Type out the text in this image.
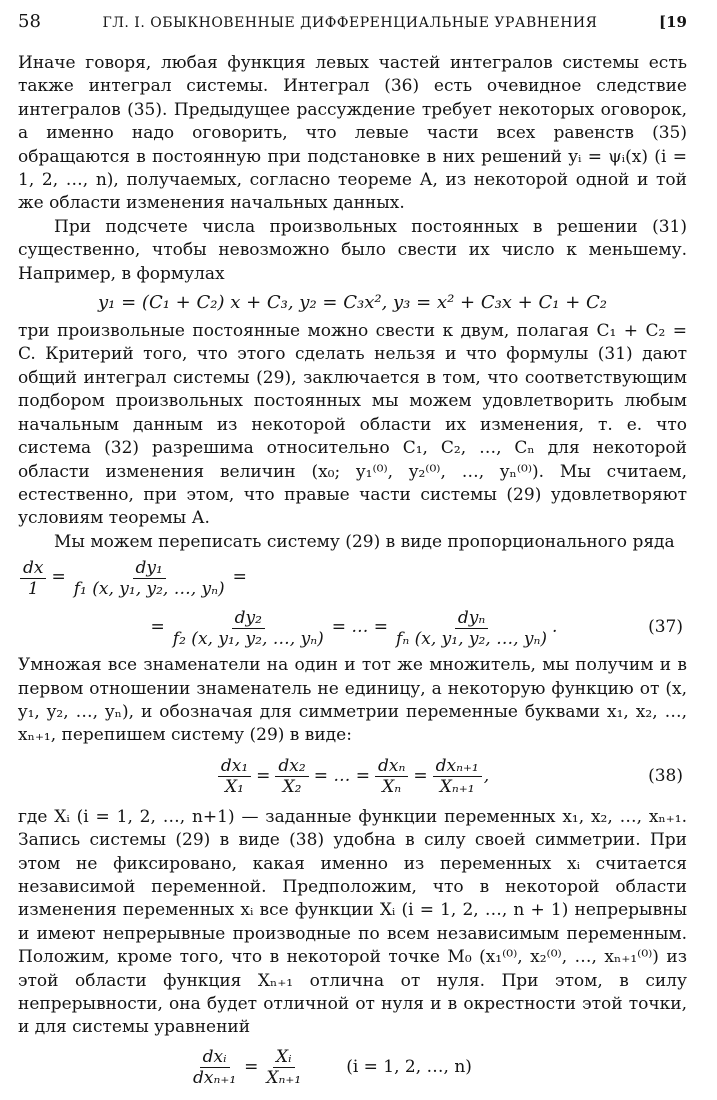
58	ГЛ. I. ОБЫКНОВЕННЫЕ ДИФФЕРЕНЦИАЛЬНЫЕ УРАВНЕНИЯ	[19

Иначе говоря, любая функция левых частей интегралов системы есть также интеграл системы. Интеграл (36) есть очевидное следствие интегралов (35). Предыдущее рассуждение требует некоторых оговорок, а именно надо оговорить, что левые части всех равенств (35) обращаются в постоянную при подстановке в них решений yᵢ = ψᵢ(x) (i = 1, 2, …, n), получаемых, согласно теореме А, из некоторой одной и той же области изменения начальных данных.

При подсчете числа произвольных постоянных в решении (31) существенно, чтобы невозможно было свести их число к меньшему. Например, в формулах

y₁ = (C₁ + C₂) x + C₃, y₂ = C₃x², y₃ = x² + C₃x + C₁ + C₂

три произвольные постоянные можно свести к двум, полагая C₁ + C₂ = C. Критерий того, что этого сделать нельзя и что формулы (31) дают общий интеграл системы (29), заключается в том, что соответствующим подбором произвольных постоянных мы можем удовлетворить любым начальным данным из некоторой области их изменения, т. е. что система (32) разрешима относительно C₁, C₂, …, Cₙ для некоторой области изменения величин (x₀; y₁⁽⁰⁾, y₂⁽⁰⁾, …, yₙ⁽⁰⁾). Мы считаем, естественно, при этом, что правые части системы (29) удовлетворяют условиям теоремы А.

Мы можем переписать систему (29) в виде пропорционального ряда

$\frac{dx}{1} = \frac{\text{dy₁}}{\text{f₁ (x, y₁, y₂, …, yₙ)}}$ =
= $\frac{\text{dy₂}}{\text{f₂ (x, y₁, y₂, …, yₙ)}}$ = … = $\frac{\text{dyₙ}}{\text{fₙ (x, y₁, y₂, …, yₙ)}}$ .	(37)

Умножая все знаменатели на один и тот же множитель, мы получим и в первом отношении знаменатель не единицу, а некоторую функцию от (x, y₁, y₂, …, yₙ), и обозначая для симметрии переменные буквами x₁, x₂, …, xₙ₊₁, перепишем систему (29) в виде:

$\frac{\text{dx₁}}{\text{X₁}} = \frac{\text{dx₂}}{\text{X₂}}$ = … = $\frac{\text{dxₙ}}{\text{Xₙ}} = \frac{\text{dxₙ₊₁}}{\text{Xₙ₊₁}}$ ,	(38)

где Xᵢ (i = 1, 2, …, n+1) — заданные функции переменных x₁, x₂, …, xₙ₊₁. Запись системы (29) в виде (38) удобна в силу своей симметрии. При этом не фиксировано, какая именно из переменных xᵢ считается независимой переменной. Предположим, что в некоторой области изменения переменных xᵢ все функции Xᵢ (i = 1, 2, …, n + 1) непрерывны и имеют непрерывные производные по всем независимым переменным. Положим, кроме того, что в некоторой точке M₀ (x₁⁽⁰⁾, x₂⁽⁰⁾, …, xₙ₊₁⁽⁰⁾) из этой области функция Xₙ₊₁ отлична от нуля. При этом, в силу непрерывности, она будет отличной от нуля и в окрестности этой точки, и для системы уравнений

$\frac{\text{dxᵢ}}{\text{dxₙ₊₁}} = \frac{\text{Xᵢ}}{\text{Xₙ₊₁}} (i = 1$, 2, …, n)
